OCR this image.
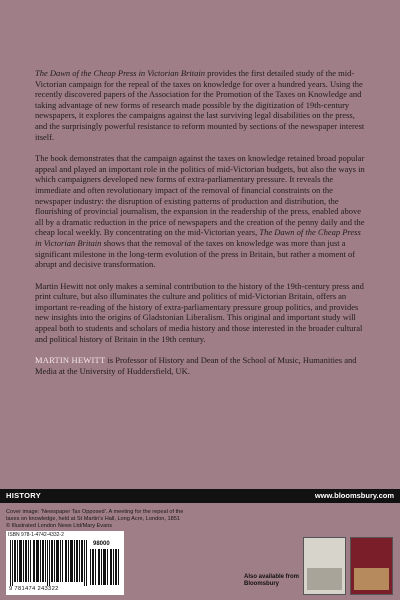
The Dawn of the Cheap Press in Victorian Britain provides the first detailed study of the mid-Victorian campaign for the repeal of the taxes on knowledge for over a hundred years. Using the recently discovered papers of the Association for the Promotion of the Taxes on Knowledge and taking advantage of new forms of research made possible by the digitization of 19th-century newspapers, it explores the campaigns against the last surviving legal disabilities on the press, and the surprisingly powerful resistance to reform mounted by sections of the newspaper interest itself.

The book demonstrates that the campaign against the taxes on knowledge retained broad popular appeal and played an important role in the politics of mid-Victorian budgets, but also the ways in which campaigners developed new forms of extra-parliamentary pressure. It reveals the immediate and often revolutionary impact of the removal of financial constraints on the newspaper industry: the disruption of existing patterns of production and distribution, the flourishing of provincial journalism, the expansion in the readership of the press, enabled above all by a dramatic reduction in the price of newspapers and the creation of the penny daily and the cheap local weekly. By concentrating on the mid-Victorian years, The Dawn of the Cheap Press in Victorian Britain shows that the removal of the taxes on knowledge was more than just a significant milestone in the long-term evolution of the press in Britain, but rather a moment of abrupt and decisive transformation.

Martin Hewitt not only makes a seminal contribution to the history of the 19th-century press and print culture, but also illuminates the culture and politics of mid-Victorian Britain, offers an important re-reading of the history of extra-parliamentary pressure group politics, and provides new insights into the origins of Gladstonian Liberalism. This original and important study will appeal both to students and scholars of media history and those interested in the broader cultural and political history of Britain in the 19th century.

MARTIN HEWITT is Professor of History and Dean of the School of Music, Humanities and Media at the University of Huddersfield, UK.

HISTORY	www.bloomsbury.com
Cover image: 'Newspaper Tax Opposed'. A meeting for the repeal of the taxes on knowledge, held at St Martin's Hall, Long Acre, London, 1851 © Illustrated London News Ltd/Mary Evans
ISBN 978-1-4742-4332-2
98000
9 781474 243322
Also available from Bloomsbury
